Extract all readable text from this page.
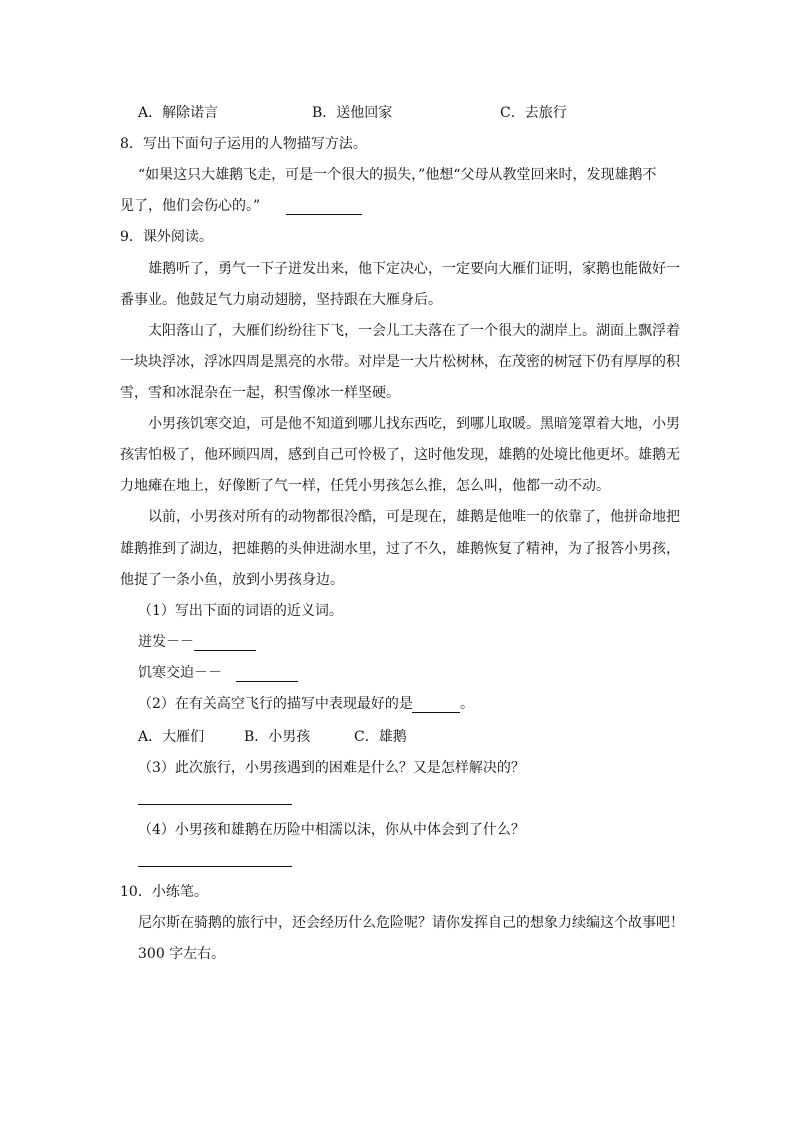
A．解除诺言	B．送他回家	C．去旅行
8．写出下面句子运用的人物描写方法。
“如果这只大雄鹅飞走，可是一个很大的损失，”他想“父母从教堂回来时，发现雄鹅不
见了，他们会伤心的。”
9．课外阅读。
雄鹅听了，勇气一下子迸发出来，他下定决心，一定要向大雁们证明，家鹅也能做好一
番事业。他鼓足气力扇动翅膀，坚持跟在大雁身后。
太阳落山了，大雁们纷纷往下飞，一会儿工夫落在了一个很大的湖岸上。湖面上飘浮着
一块块浮冰，浮冰四周是黑亮的水带。对岸是一大片松树林，在茂密的树冠下仍有厚厚的积
雪，雪和冰混杂在一起，积雪像冰一样坚硬。
小男孩饥寒交迫，可是他不知道到哪儿找东西吃，到哪儿取暖。黑暗笼罩着大地，小男
孩害怕极了，他环顾四周，感到自己可怜极了，这时他发现，雄鹅的处境比他更坏。雄鹅无
力地瘫在地上，好像断了气一样，任凭小男孩怎么推，怎么叫，他都一动不动。
以前，小男孩对所有的动物都很冷酷，可是现在，雄鹅是他唯一的依靠了，他拼命地把
雄鹅推到了湖边，把雄鹅的头伸进湖水里，过了不久，雄鹅恢复了精神，为了报答小男孩，
他捉了一条小鱼，放到小男孩身边。
（1）写出下面的词语的近义词。
迸发－－
饥寒交迫－－
（2）在有关高空飞行的描写中表现最好的是	。
A．大雁们	B．小男孩	C．雄鹅
（3）此次旅行，小男孩遇到的困难是什么？又是怎样解决的？
（4）小男孩和雄鹅在历险中相濡以沫，你从中体会到了什么？
10．小练笔。
尼尔斯在骑鹅的旅行中，还会经历什么危险呢？请你发挥自己的想象力续编这个故事吧！
300 字左右。
